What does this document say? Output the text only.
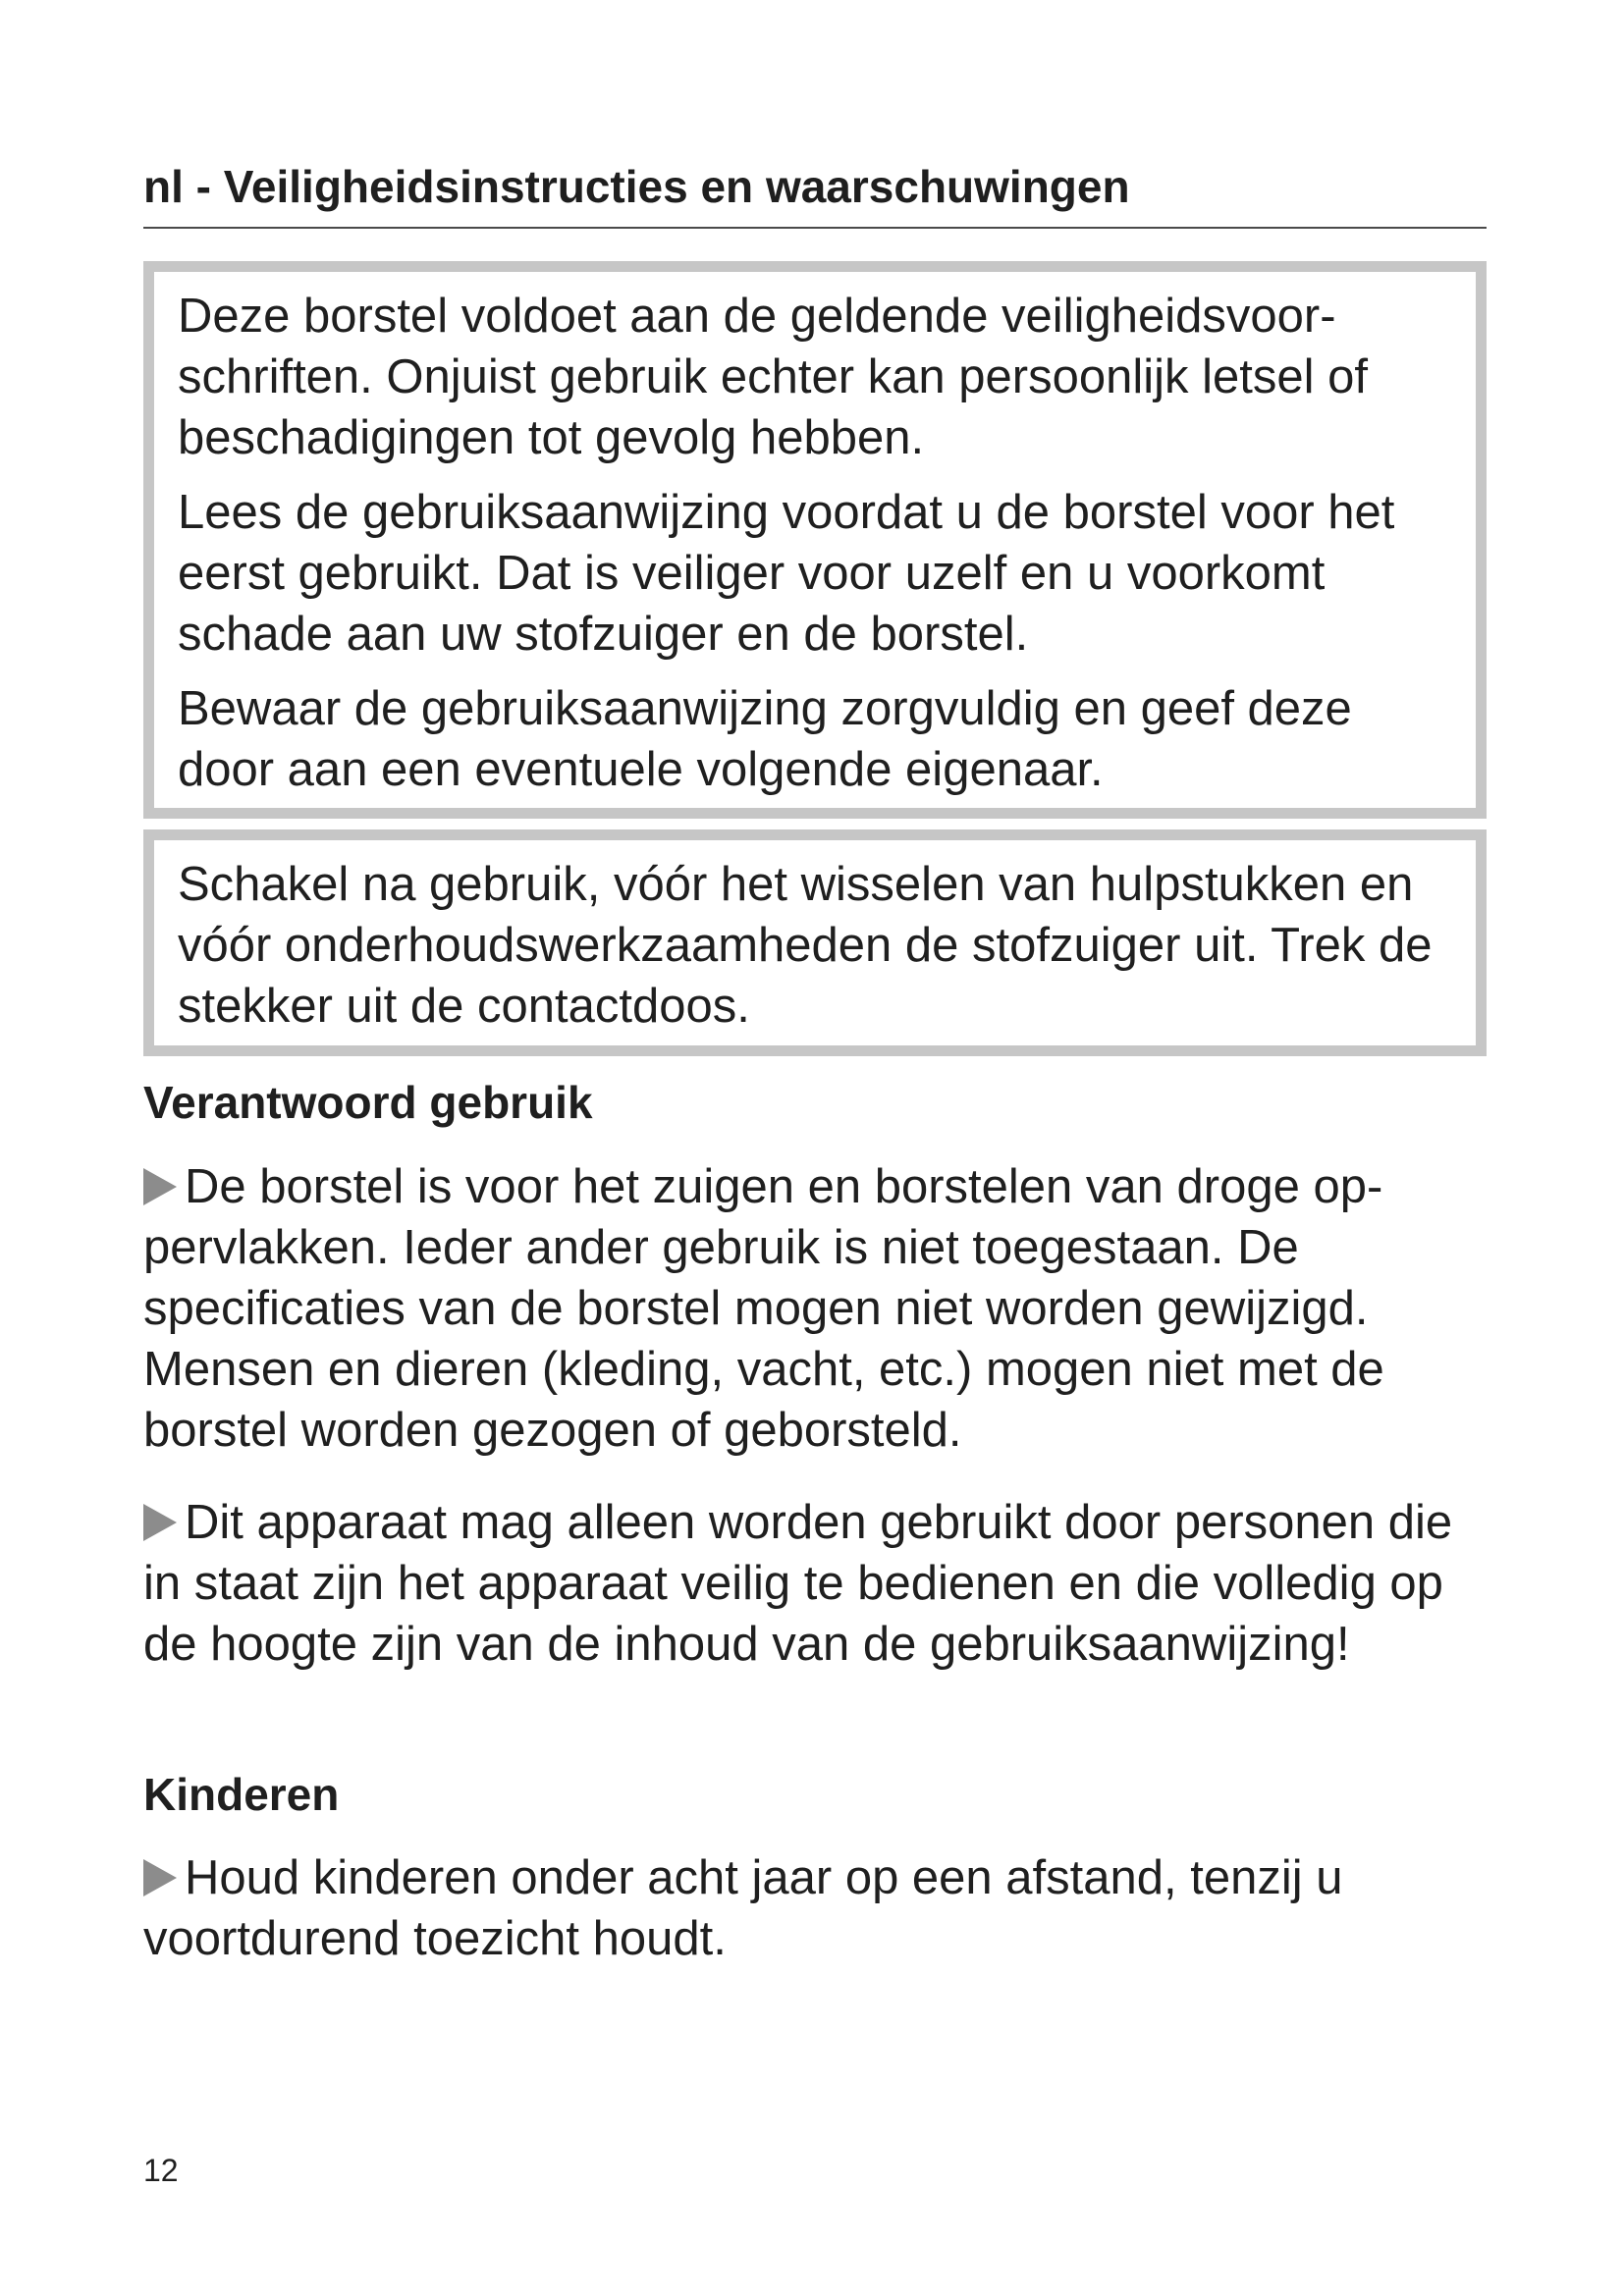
nl - Veiligheidsinstructies en waarschuwingen

Deze borstel voldoet aan de geldende veiligheidsvoorschriften. Onjuist gebruik echter kan persoonlijk letsel of beschadigingen tot gevolg hebben.

Lees de gebruiksaanwijzing voordat u de borstel voor het eerst gebruikt. Dat is veiliger voor uzelf en u voorkomt schade aan uw stofzuiger en de borstel.

Bewaar de gebruiksaanwijzing zorgvuldig en geef deze door aan een eventuele volgende eigenaar.

Schakel na gebruik, vóór het wisselen van hulpstukken en vóór onderhoudswerkzaamheden de stofzuiger uit. Trek de stekker uit de contactdoos.

Verantwoord gebruik

De borstel is voor het zuigen en borstelen van droge oppervlakken. Ieder ander gebruik is niet toegestaan. De specificaties van de borstel mogen niet worden gewijzigd. Mensen en dieren (kleding, vacht, etc.) mogen niet met de borstel worden gezogen of geborsteld.

Dit apparaat mag alleen worden gebruikt door personen die in staat zijn het apparaat veilig te bedienen en die volledig op de hoogte zijn van de inhoud van de gebruiksaanwijzing!

Kinderen

Houd kinderen onder acht jaar op een afstand, tenzij u voortdurend toezicht houdt.

12
